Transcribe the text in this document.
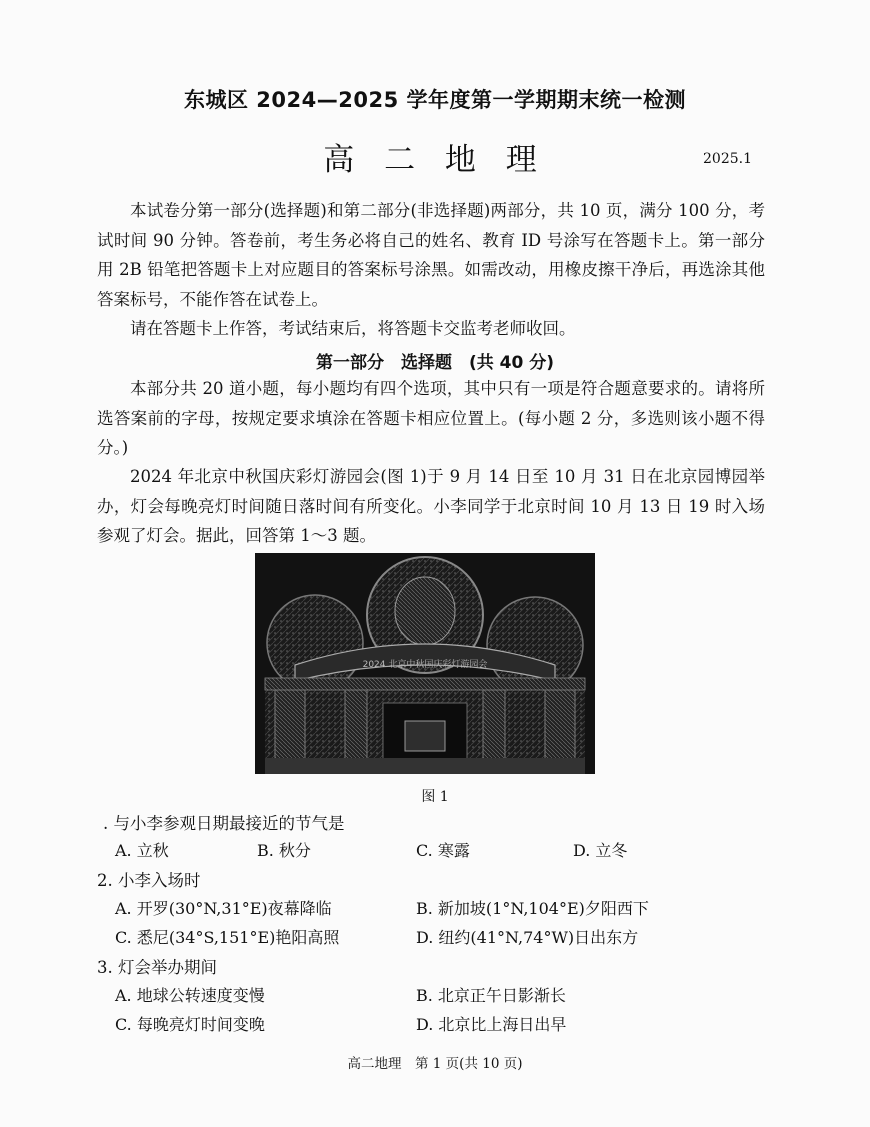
东城区 2024—2025 学年度第一学期期末统一检测
高 二 地 理	2025.1
本试卷分第一部分(选择题)和第二部分(非选择题)两部分，共 10 页，满分 100 分，考试时间 90 分钟。答卷前，考生务必将自己的姓名、教育 ID 号涂写在答题卡上。第一部分用 2B 铅笔把答题卡上对应题目的答案标号涂黑。如需改动，用橡皮擦干净后，再选涂其他答案标号，不能作答在试卷上。
请在答题卡上作答，考试结束后，将答题卡交监考老师收回。
第一部分　选择题　(共 40 分)
本部分共 20 道小题，每小题均有四个选项，其中只有一项是符合题意要求的。请将所选答案前的字母，按规定要求填涂在答题卡相应位置上。(每小题 2 分，多选则该小题不得分。)
2024 年北京中秋国庆彩灯游园会(图 1)于 9 月 14 日至 10 月 31 日在北京园博园举办，灯会每晚亮灯时间随日落时间有所变化。小李同学于北京时间 10 月 13 日 19 时入场参观了灯会。据此，回答第 1～3 题。
2024 北京中秋国庆彩灯游园会
图 1
. 与小李参观日期最接近的节气是
A. 立秋	B. 秋分	C. 寒露	D. 立冬
2. 小李入场时
A. 开罗(30°N,31°E)夜幕降临	B. 新加坡(1°N,104°E)夕阳西下
C. 悉尼(34°S,151°E)艳阳高照	D. 纽约(41°N,74°W)日出东方
3. 灯会举办期间
A. 地球公转速度变慢	B. 北京正午日影渐长
C. 每晚亮灯时间变晚	D. 北京比上海日出早
高二地理　第 1 页(共 10 页)
